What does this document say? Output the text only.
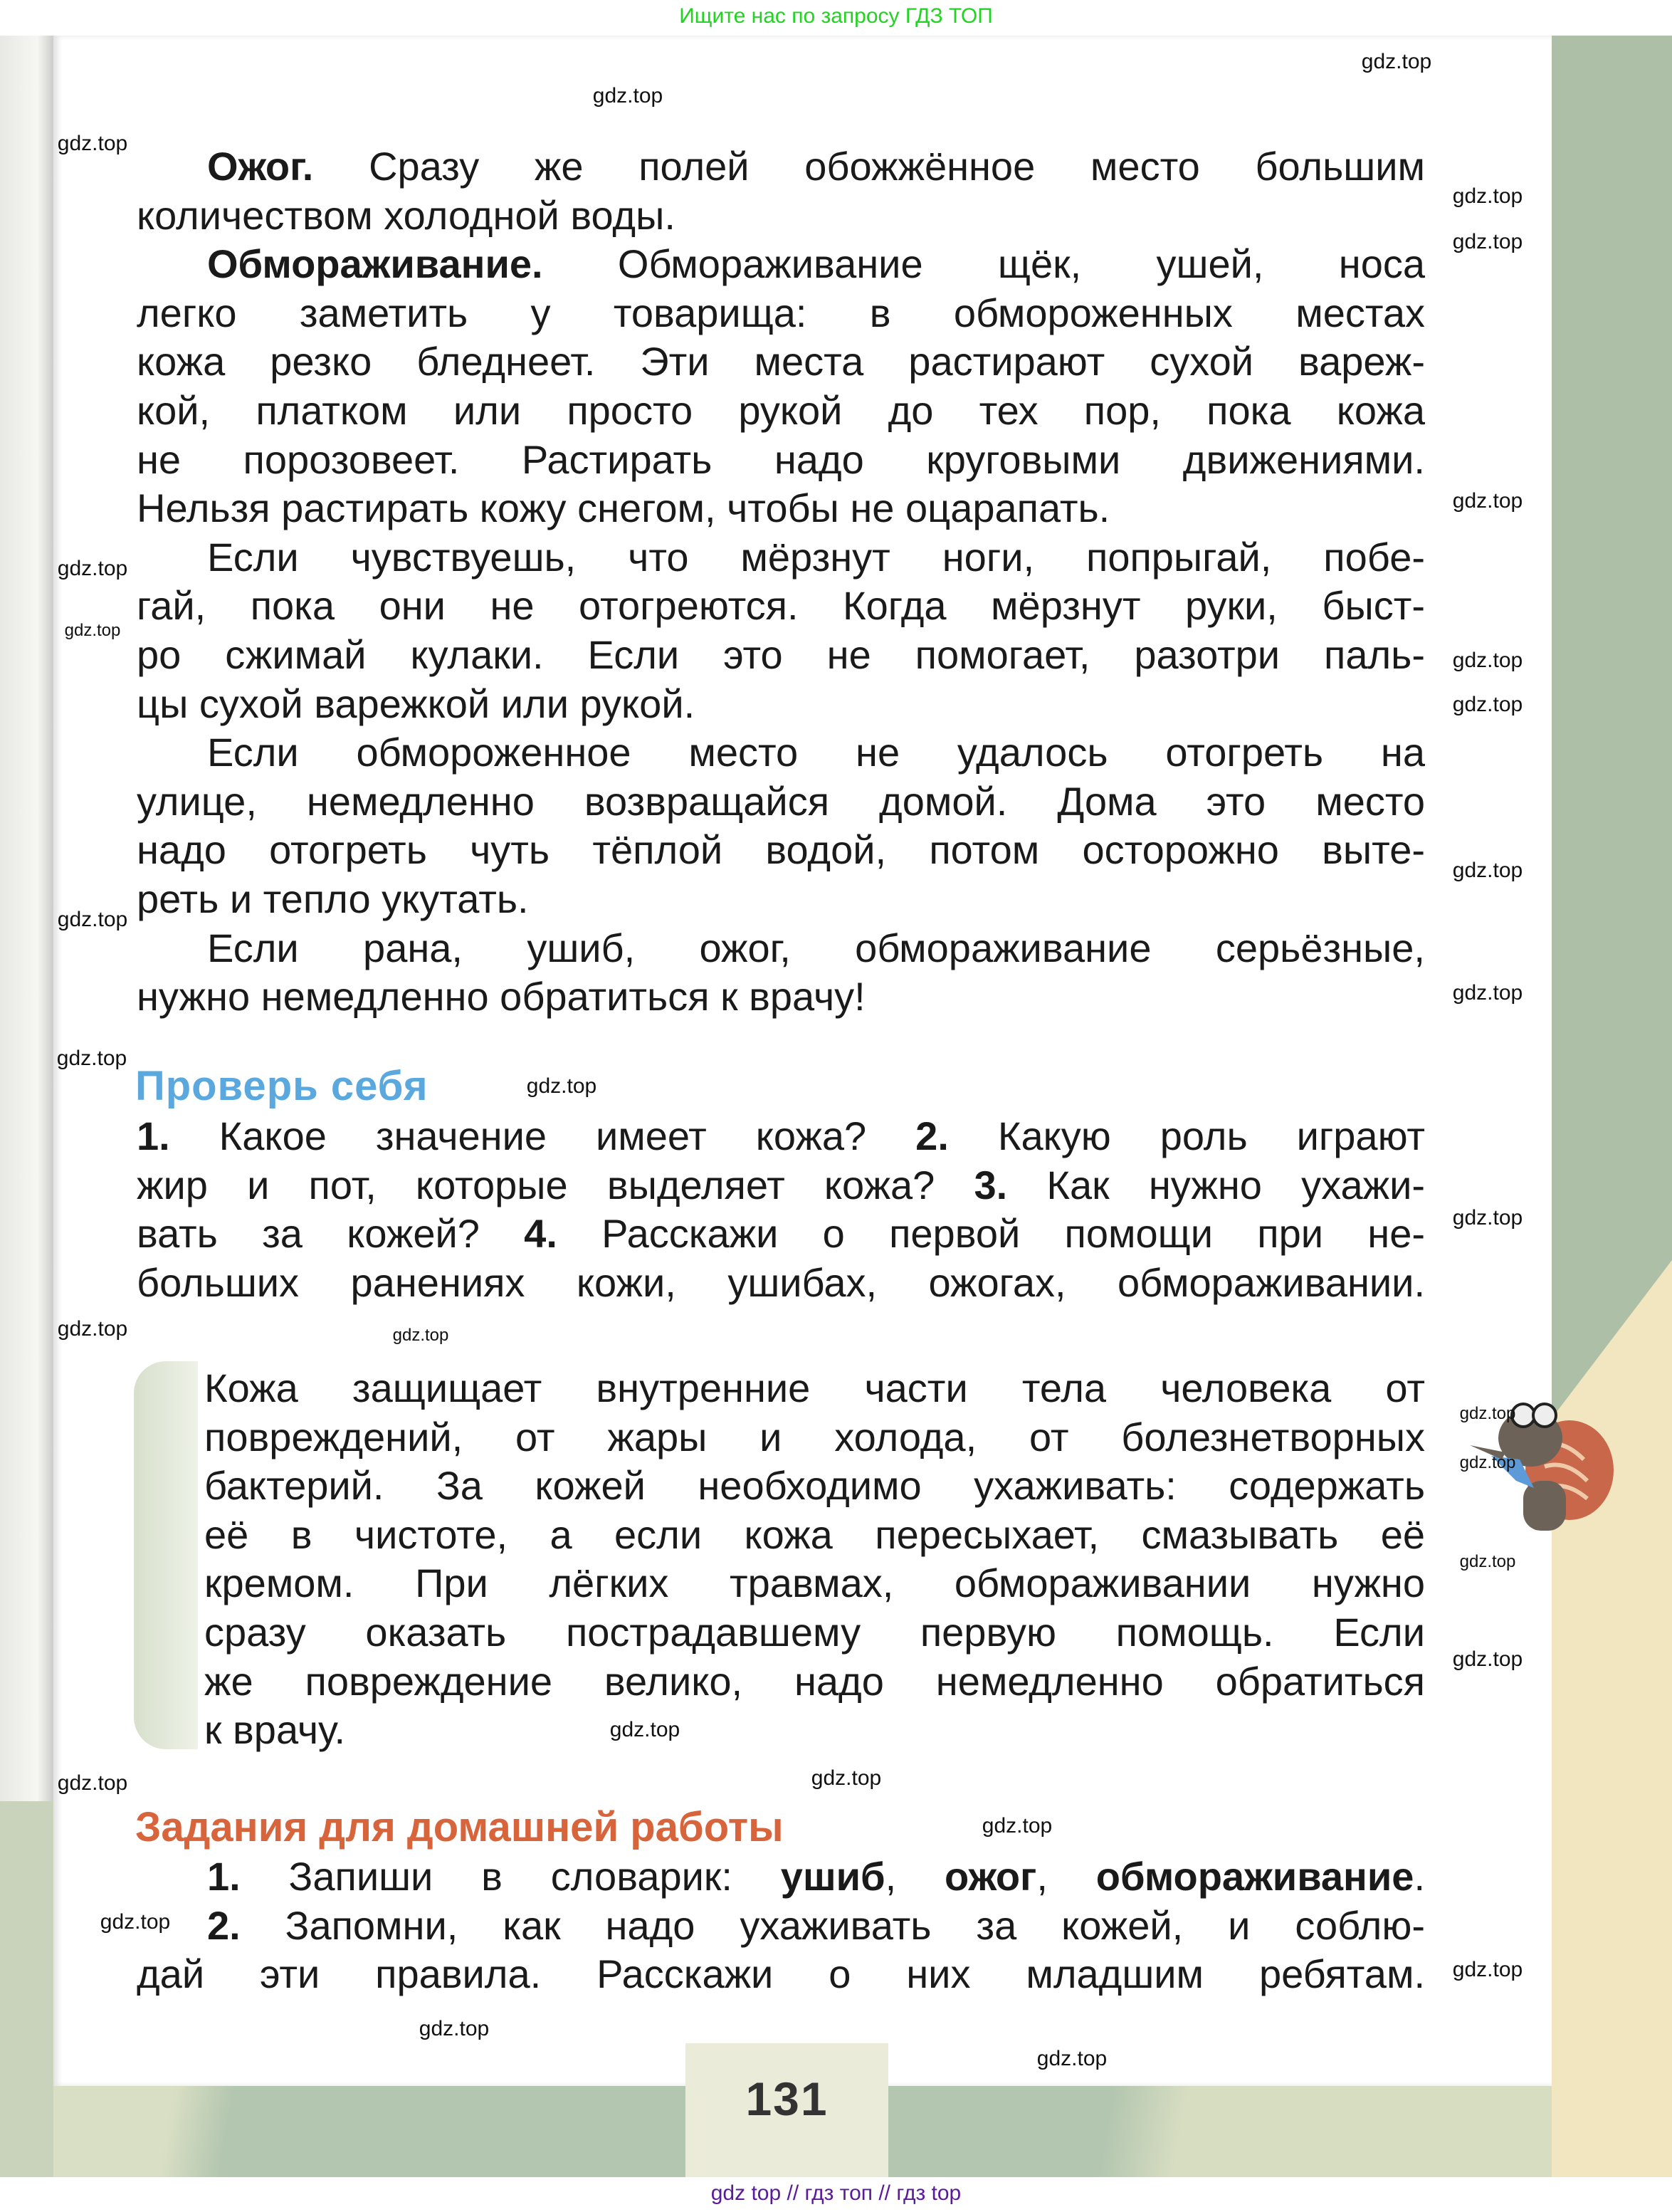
Ищите нас по запросу ГДЗ ТОП
131
Ожог. Сразу же полей обожжённое место большим
количеством холодной воды.
Обмораживание. Обмораживание щёк, ушей, носа
легко заметить у товарища: в обмороженных местах
кожа резко бледнеет. Эти места растирают сухой вареж-
кой, платком или просто рукой до тех пор, пока кожа
не порозовеет. Растирать надо круговыми движениями.
Нельзя растирать кожу снегом, чтобы не оцарапать.
Если чувствуешь, что мёрзнут ноги, попрыгай, побе-
гай, пока они не отогреются. Когда мёрзнут руки, быст-
ро сжимай кулаки. Если это не помогает, разотри паль-
цы сухой варежкой или рукой.
Если обмороженное место не удалось отогреть на
улице, немедленно возвращайся домой. Дома это место
надо отогреть чуть тёплой водой, потом осторожно выте-
реть и тепло укутать.
Если рана, ушиб, ожог, обмораживание серьёзные,
нужно немедленно обратиться к врачу!
Проверь себя
1. Какое значение имеет кожа? 2. Какую роль играют
жир и пот, которые выделяет кожа? 3. Как нужно ухажи-
вать за кожей? 4. Расскажи о первой помощи при не-
больших ранениях кожи, ушибах, ожогах, обмораживании.
Кожа защищает внутренние части тела человека от
повреждений, от жары и холода, от болезнетворных
бактерий. За кожей необходимо ухаживать: содержать
её в чистоте, а если кожа пересыхает, смазывать её
кремом. При лёгких травмах, обмораживании нужно
сразу оказать пострадавшему первую помощь. Если
же повреждение велико, надо немедленно обратиться
к врачу.
Задания для домашней работы
1. Запиши в словарик: ушиб, ожог, обмораживание.
2. Запомни, как надо ухаживать за кожей, и соблю-
дай эти правила. Расскажи о них младшим ребятам.
gdz.top
gdz.top
gdz.top
gdz.top
gdz.top
gdz.top
gdz.top
gdz.top
gdz.top
gdz.top
gdz.top
gdz.top
gdz.top
gdz.top
gdz.top
gdz.top
gdz.top	gdz.top
gdz.top
gdz.top
gdz.top
gdz.top
gdz.top
gdz.top
gdz.top
gdz.top
gdz.top
gdz.top
gdz.top
gdz.top
gdz top // гдз топ // гдз top
